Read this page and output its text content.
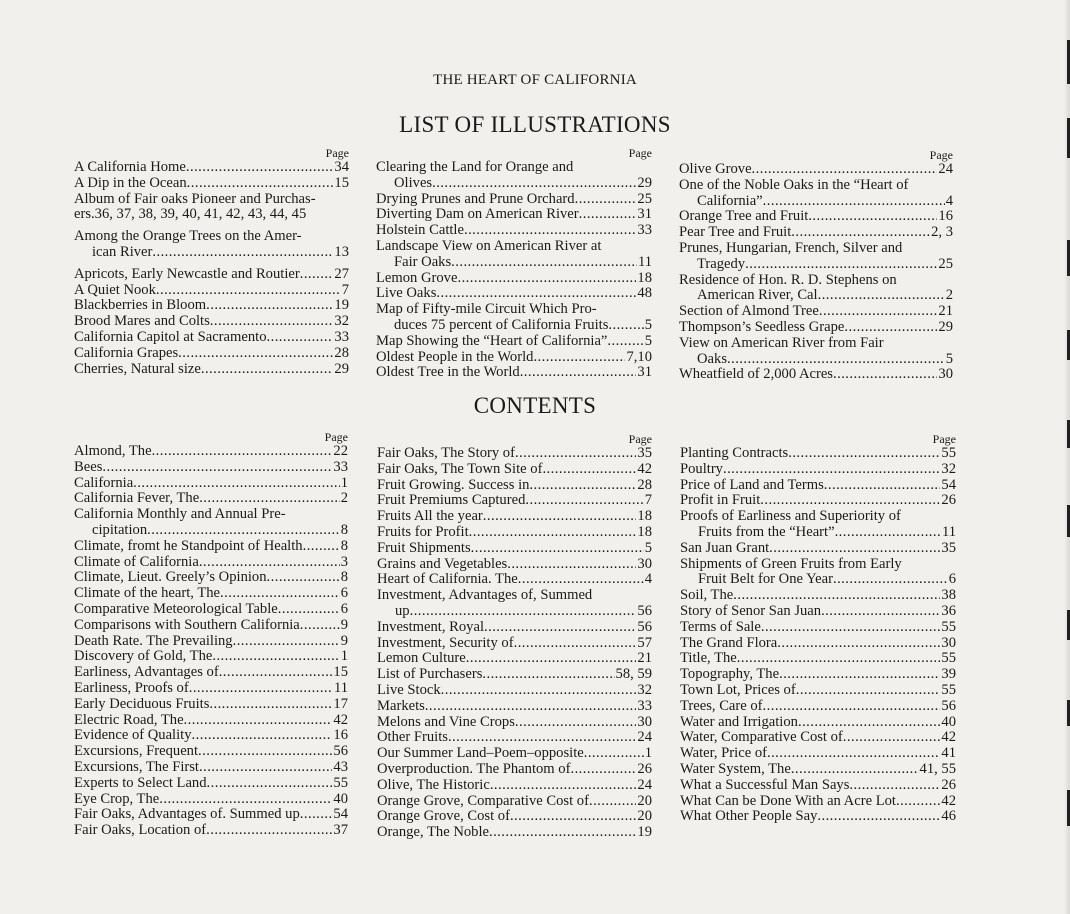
THE HEART OF CALIFORNIA
LIST OF ILLUSTRATIONS
Page
A California Home . . .	34
A Dip in the Ocean . . .	15
Album of Fair oaks Pioneer and Purchas-
ers.36, 37, 38, 39, 40, 41, 42, 43, 44, 45
Among the Orange Trees on the Amer-
ican River . . .	13
Apricots, Early Newcastle and Routier . . . 27
A Quiet Nook . . .	7
Blackberries in Bloom . . .	19
Brood Mares and Colts . . .	32
California Capitol at Sacramento . . .	33
California Grapes . . .	28
Cherries, Natural size . . .	29
Page
Clearing the Land for Orange and
Olives . . .	29
Drying Prunes and Prune Orchard . . .	25
Diverting Dam on American River . . .	31
Holstein Cattle . . .	33
Landscape View on American River at
Fair Oaks . . .	11
Lemon Grove . . .	18
Live Oaks . . .	48
Map of Fifty-mile Circuit Which Pro-
duces 75 percent of California Fruits . . . 5
Map Showing the “Heart of California” . . .	5
Oldest People in the World . . .	7,10
Oldest Tree in the World . . .	31
Page
Olive Grove . . .	24
One of the Noble Oaks in the “Heart of
California” . . .	4
Orange Tree and Fruit . . .	16
Pear Tree and Fruit . . .	2, 3
Prunes, Hungarian, French, Silver and
Tragedy . . .	25
Residence of Hon. R. D. Stephens on
American River, Cal . . .	2
Section of Almond Tree . . .	21
Thompson’s Seedless Grape . . .	29
View on American River from Fair
Oaks . . .	5
Wheatfield of 2,000 Acres . . .	30
CONTENTS
Page
Almond, The . . .	22
Bees . . .	33
California . . .	1
California Fever, The . . .	2
California Monthly and Annual Pre-
cipitation . . .	8
Climate, fromt he Standpoint of Health . . .	8
Climate of California . . .	3
Climate, Lieut. Greely’s Opinion . . .	8
Climate of the heart, The . . .	6
Comparative Meteorological Table . . .	6
Comparisons with Southern California . . .	9
Death Rate. The Prevailing . . .	9
Discovery of Gold, The . . .	1
Earliness, Advantages of . . .	15
Earliness, Proofs of . . .	11
Early Deciduous Fruits . . .	17
Electric Road, The . . .	42
Evidence of Quality . . .	16
Excursions, Frequent . . .	56
Excursions, The First . . .	43
Experts to Select Land . . .	55
Eye Crop, The . . .	40
Fair Oaks, Advantages of. Summed up . . . 54
Fair Oaks, Location of . . .	37
Page
Fair Oaks, The Story of . . .	35
Fair Oaks, The Town Site of . . .	42
Fruit Growing. Success in . . .	28
Fruit Premiums Captured . . .	7
Fruits All the year . . .	18
Fruits for Profit . . .	18
Fruit Shipments . . .	5
Grains and Vegetables . . .	30
Heart of California. The . . .	4
Investment, Advantages of, Summed
up . . .	56
Investment, Royal . . .	56
Investment, Security of . . .	57
Lemon Culture . . .	21
List of Purchasers . . .	58, 59
Live Stock . . .	32
Markets . . .	33
Melons and Vine Crops . . .	30
Other Fruits . . .	24
Our Summer Land–Poem–opposite . . .	1
Overproduction. The Phantom of . . .	26
Olive, The Historic . . .	24
Orange Grove, Comparative Cost of . . .	20
Orange Grove, Cost of . . .	20
Orange, The Noble . . .	19
Page
Planting Contracts . . .	55
Poultry . . .	32
Price of Land and Terms . . .	54
Profit in Fruit . . .	26
Proofs of Earliness and Superiority of
Fruits from the “Heart” . . .	11
San Juan Grant . . .	35
Shipments of Green Fruits from Early
Fruit Belt for One Year . . .	6
Soil, The . . .	38
Story of Senor San Juan . . .	36
Terms of Sale . . .	55
The Grand Flora . . .	30
Title, The . . .	55
Topography, The . . .	39
Town Lot, Prices of . . .	55
Trees, Care of . . .	56
Water and Irrigation . . .	40
Water, Comparative Cost of . . .	42
Water, Price of . . .	41
Water System, The . . .	41, 55
What a Successful Man Says . . .	26
What Can be Done With an Acre Lot . . .	42
What Other People Say . . .	46
